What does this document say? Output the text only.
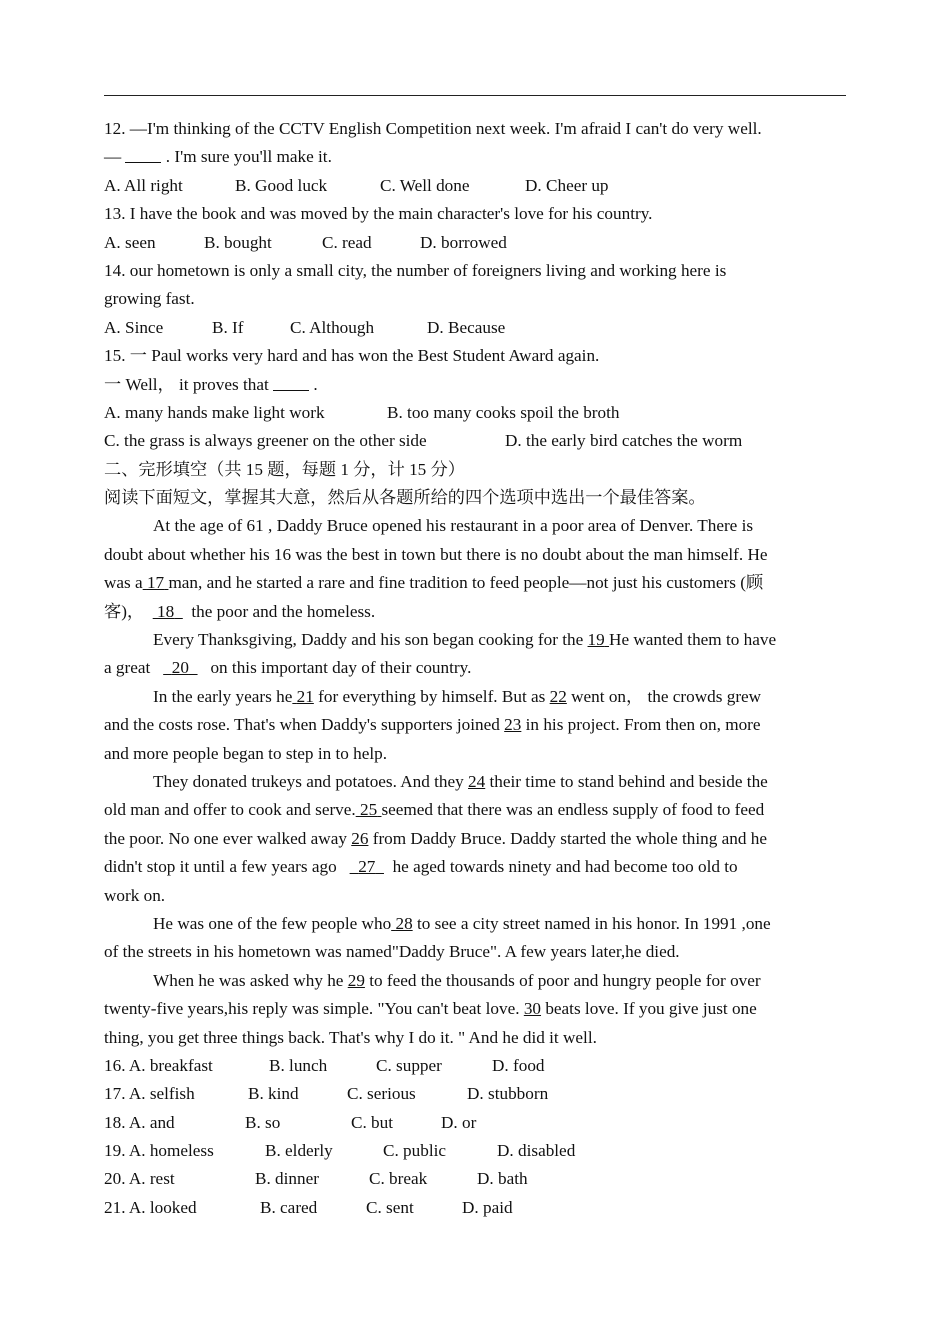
12. ―I'm thinking of the CCTV English Competition next week. I'm afraid I can't do very well.
―	. I'm sure you'll make it.
A. All right	B. Good luck	C. Well done	D. Cheer up
13. I have the book and was moved by the main character's love for his country.
A. seen	B. bought	C. read	D. borrowed
14. our hometown is only a small city, the number of foreigners living and working here is
growing fast.
A. Since	B. If	C. Although	D. Because
15. 一 Paul works very hard and has won the Best Student Award again.
一 Well， it proves that	.
A. many hands make light work	B. too many cooks spoil the broth
C. the grass is always greener on the other side	D. the early bird catches the worm
二、完形填空（共 15 题，每题 1 分，计 15 分）
阅读下面短文，掌握其大意，然后从各题所给的四个选项中选出一个最佳答案。
At the age of 61 , Daddy Bruce opened his restaurant in a poor area of Denver. There is
doubt about whether his 16 was the best in town but there is no doubt about the man himself. He
was a 17 man, and he started a rare and fine tradition to feed people―not just his customers (顾
客)， 18 the poor and the homeless.
Every Thanksgiving, Daddy and his son began cooking for the 19 He wanted them to have
a great 20 on this important day of their country.
In the early years he 21 for everything by himself. But as 22 went on， the crowds grew
and the costs rose. That's when Daddy's supporters joined 23 in his project. From then on, more
and more people began to step in to help.
They donated trukeys and potatoes. And they 24 their time to stand behind and beside the
old man and offer to cook and serve. 25 seemed that there was an endless supply of food to feed
the poor. No one ever walked away 26 from Daddy Bruce. Daddy started the whole thing and he
didn't stop it until a few years ago 27 he aged towards ninety and had become too old to
work on.
He was one of the few people who 28 to see a city street named in his honor. In 1991 ,one
of the streets in his hometown was named"Daddy Bruce". A few years later,he died.
When he was asked why he 29 to feed the thousands of poor and hungry people for over
twenty-five years,his reply was simple. "You can't beat love. 30 beats love. If you give just one
thing, you get three things back. That's why I do it. " And he did it well.
16. A. breakfast	B. lunch	C. supper	D. food
17. A. selfish	B. kind	C. serious	D. stubborn
18. A. and	B. so	C. but	D. or
19. A. homeless	B. elderly	C. public	D. disabled
20. A. rest	B. dinner	C. break	D. bath
21. A. looked	B. cared	C. sent	D. paid
